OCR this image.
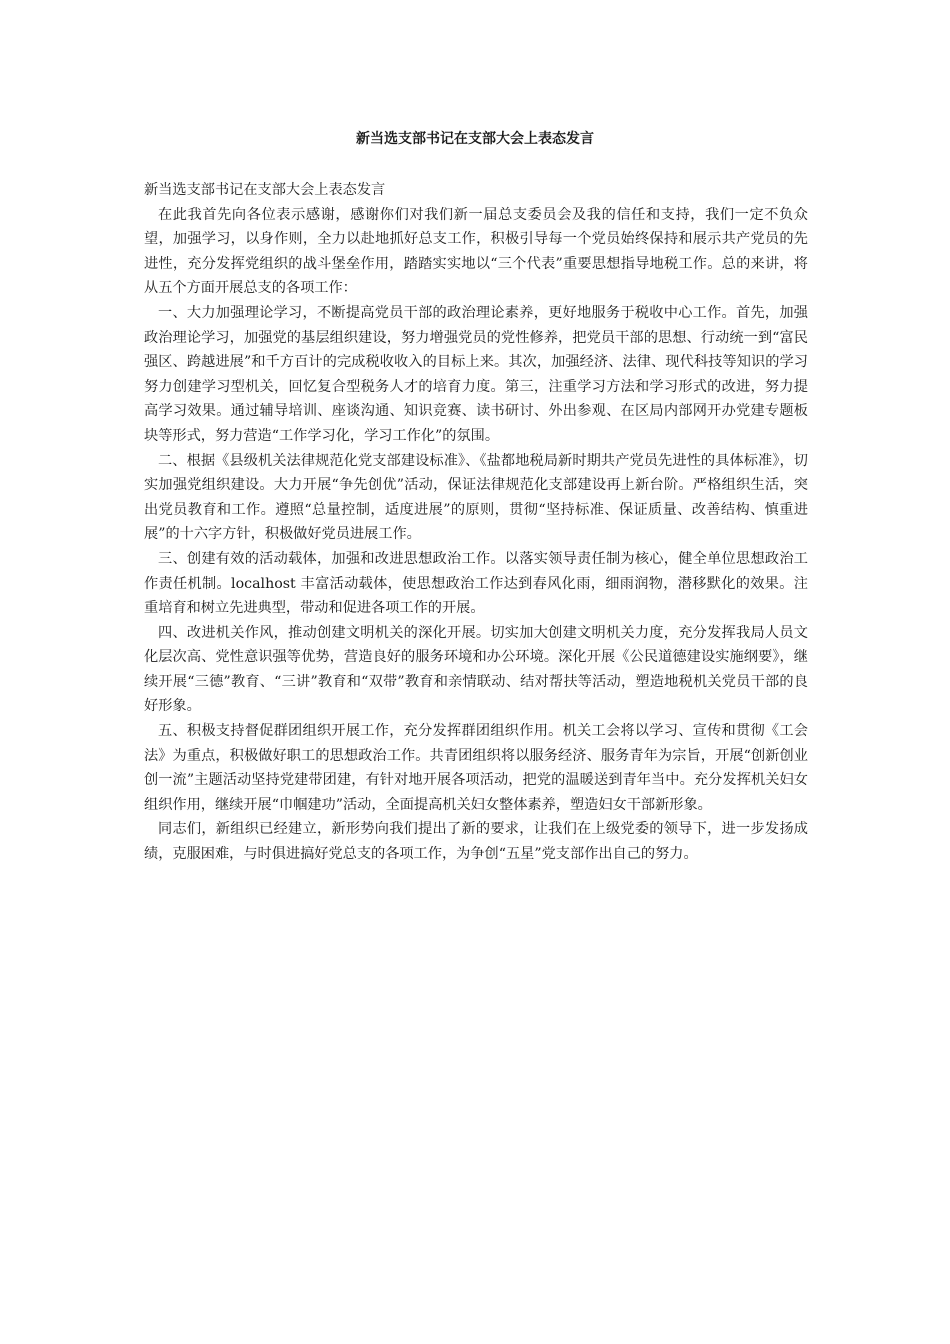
新当选支部书记在支部大会上表态发言

新当选支部书记在支部大会上表态发言

在此我首先向各位表示感谢，感谢你们对我们新一届总支委员会及我的信任和支持，我们一定不负众望，加强学习，以身作则，全力以赴地抓好总支工作，积极引导每一个党员始终保持和展示共产党员的先进性，充分发挥党组织的战斗堡垒作用，踏踏实实地以“三个代表”重要思想指导地税工作。总的来讲，将从五个方面开展总支的各项工作：

一、大力加强理论学习，不断提高党员干部的政治理论素养，更好地服务于税收中心工作。首先，加强政治理论学习，加强党的基层组织建设，努力增强党员的党性修养，把党员干部的思想、行动统一到“富民强区、跨越进展”和千方百计的完成税收收入的目标上来。其次，加强经济、法律、现代科技等知识的学习努力创建学习型机关，回忆复合型税务人才的培育力度。第三，注重学习方法和学习形式的改进，努力提高学习效果。通过辅导培训、座谈沟通、知识竞赛、读书研讨、外出参观、在区局内部网开办党建专题板块等形式，努力营造“工作学习化，学习工作化”的氛围。

二、根据《县级机关法律规范化党支部建设标准》、《盐都地税局新时期共产党员先进性的具体标准》，切实加强党组织建设。大力开展“争先创优”活动，保证法律规范化支部建设再上新台阶。严格组织生活，突出党员教育和工作。遵照“总量控制，适度进展”的原则，贯彻“坚持标准、保证质量、改善结构、慎重进展”的十六字方针，积极做好党员进展工作。

三、创建有效的活动载体，加强和改进思想政治工作。以落实领导责任制为核心，健全单位思想政治工作责任机制。localhost 丰富活动载体，使思想政治工作达到春风化雨，细雨润物，潜移默化的效果。注重培育和树立先进典型，带动和促进各项工作的开展。

四、改进机关作风，推动创建文明机关的深化开展。切实加大创建文明机关力度，充分发挥我局人员文化层次高、党性意识强等优势，营造良好的服务环境和办公环境。深化开展《公民道德建设实施纲要》，继续开展“三德”教育、“三讲”教育和“双带”教育和亲情联动、结对帮扶等活动，塑造地税机关党员干部的良好形象。

五、积极支持督促群团组织开展工作，充分发挥群团组织作用。机关工会将以学习、宣传和贯彻《工会法》为重点，积极做好职工的思想政治工作。共青团组织将以服务经济、服务青年为宗旨，开展“创新创业创一流”主题活动坚持党建带团建，有针对地开展各项活动，把党的温暖送到青年当中。充分发挥机关妇女组织作用，继续开展“巾帼建功”活动，全面提高机关妇女整体素养，塑造妇女干部新形象。

同志们，新组织已经建立，新形势向我们提出了新的要求，让我们在上级党委的领导下，进一步发扬成绩，克服困难，与时俱进搞好党总支的各项工作，为争创“五星”党支部作出自己的努力。
